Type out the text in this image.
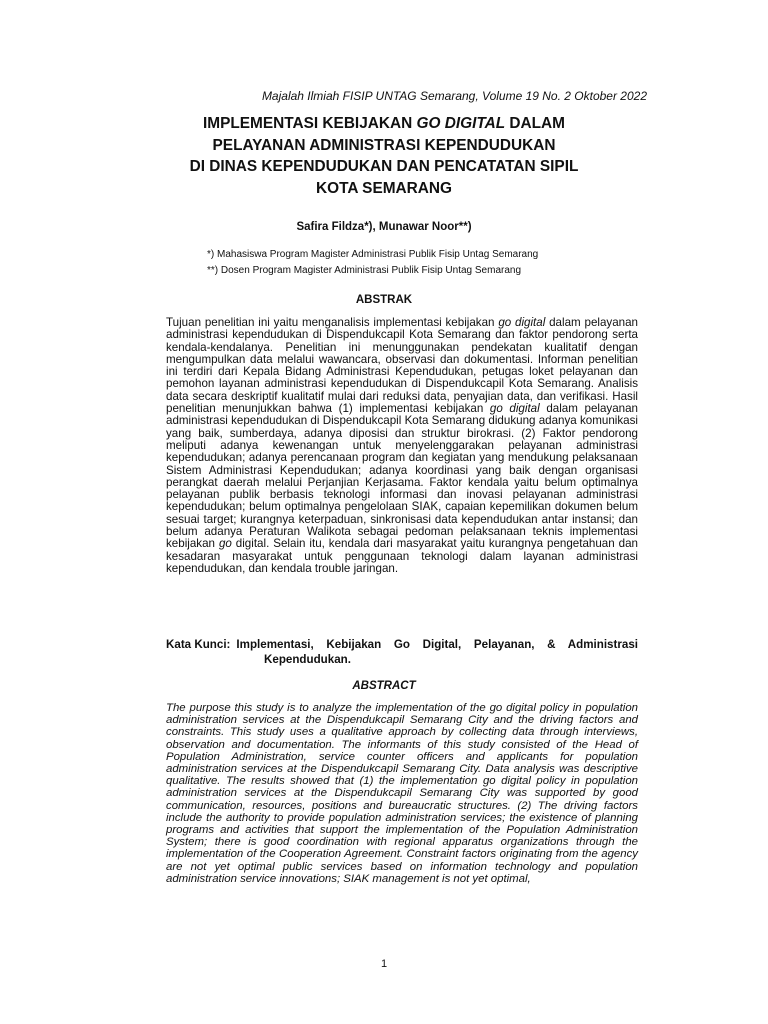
Majalah Ilmiah FISIP UNTAG Semarang, Volume 19 No. 2 Oktober 2022
IMPLEMENTASI KEBIJAKAN GO DIGITAL DALAM
PELAYANAN ADMINISTRASI KEPENDUDUKAN
DI DINAS KEPENDUDUKAN DAN PENCATATAN SIPIL
KOTA SEMARANG
Safira Fildza*), Munawar Noor**)
*) Mahasiswa Program Magister Administrasi Publik Fisip Untag Semarang
**) Dosen Program Magister Administrasi Publik Fisip Untag Semarang
ABSTRAK
Tujuan penelitian ini yaitu menganalisis implementasi kebijakan go digital dalam pelayanan administrasi kependudukan di Dispendukcapil Kota Semarang dan faktor pendorong serta kendala-kendalanya. Penelitian ini menunggunakan pendekatan kualitatif dengan mengumpulkan data melalui wawancara, observasi dan dokumentasi. Informan penelitian ini terdiri dari Kepala Bidang Administrasi Kependudukan, petugas loket pelayanan dan pemohon layanan administrasi kependudukan di Dispendukcapil Kota Semarang. Analisis data secara deskriptif kualitatif mulai dari reduksi data, penyajian data, dan verifikasi. Hasil penelitian menunjukkan bahwa (1) implementasi kebijakan go digital dalam pelayanan administrasi kependudukan di Dispendukcapil Kota Semarang didukung adanya komunikasi yang baik, sumberdaya, adanya diposisi dan struktur birokrasi. (2) Faktor pendorong meliputi adanya kewenangan untuk menyelenggarakan pelayanan administrasi kependudukan; adanya perencanaan program dan kegiatan yang mendukung pelaksanaan Sistem Administrasi Kependudukan; adanya koordinasi yang baik dengan organisasi perangkat daerah melalui Perjanjian Kerjasama. Faktor kendala yaitu belum optimalnya pelayanan publik berbasis teknologi informasi dan inovasi pelayanan administrasi kependudukan; belum optimalnya pengelolaan SIAK, capaian kepemilikan dokumen belum sesuai target; kurangnya keterpaduan, sinkronisasi data kependudukan antar instansi; dan belum adanya Peraturan Walikota sebagai pedoman pelaksanaan teknis implementasi kebijakan go digital. Selain itu, kendala dari masyarakat yaitu kurangnya pengetahuan dan kesadaran masyarakat untuk penggunaan teknologi dalam layanan administrasi kependudukan, dan kendala trouble jaringan.
Kata Kunci: Implementasi, Kebijakan Go Digital, Pelayanan, & Administrasi
Kependudukan.
ABSTRACT
The purpose this study is to analyze the implementation of the go digital policy in population administration services at the Dispendukcapil Semarang City and the driving factors and constraints. This study uses a qualitative approach by collecting data through interviews, observation and documentation. The informants of this study consisted of the Head of Population Administration, service counter officers and applicants for population administration services at the Dispendukcapil Semarang City. Data analysis was descriptive qualitative. The results showed that (1) the implementation go digital policy in population administration services at the Dispendukcapil Semarang City was supported by good communication, resources, positions and bureaucratic structures. (2) The driving factors include the authority to provide population administration services; the existence of planning programs and activities that support the implementation of the Population Administration System; there is good coordination with regional apparatus organizations through the implementation of the Cooperation Agreement. Constraint factors originating from the agency are not yet optimal public services based on information technology and population administration service innovations; SIAK management is not yet optimal,
1
